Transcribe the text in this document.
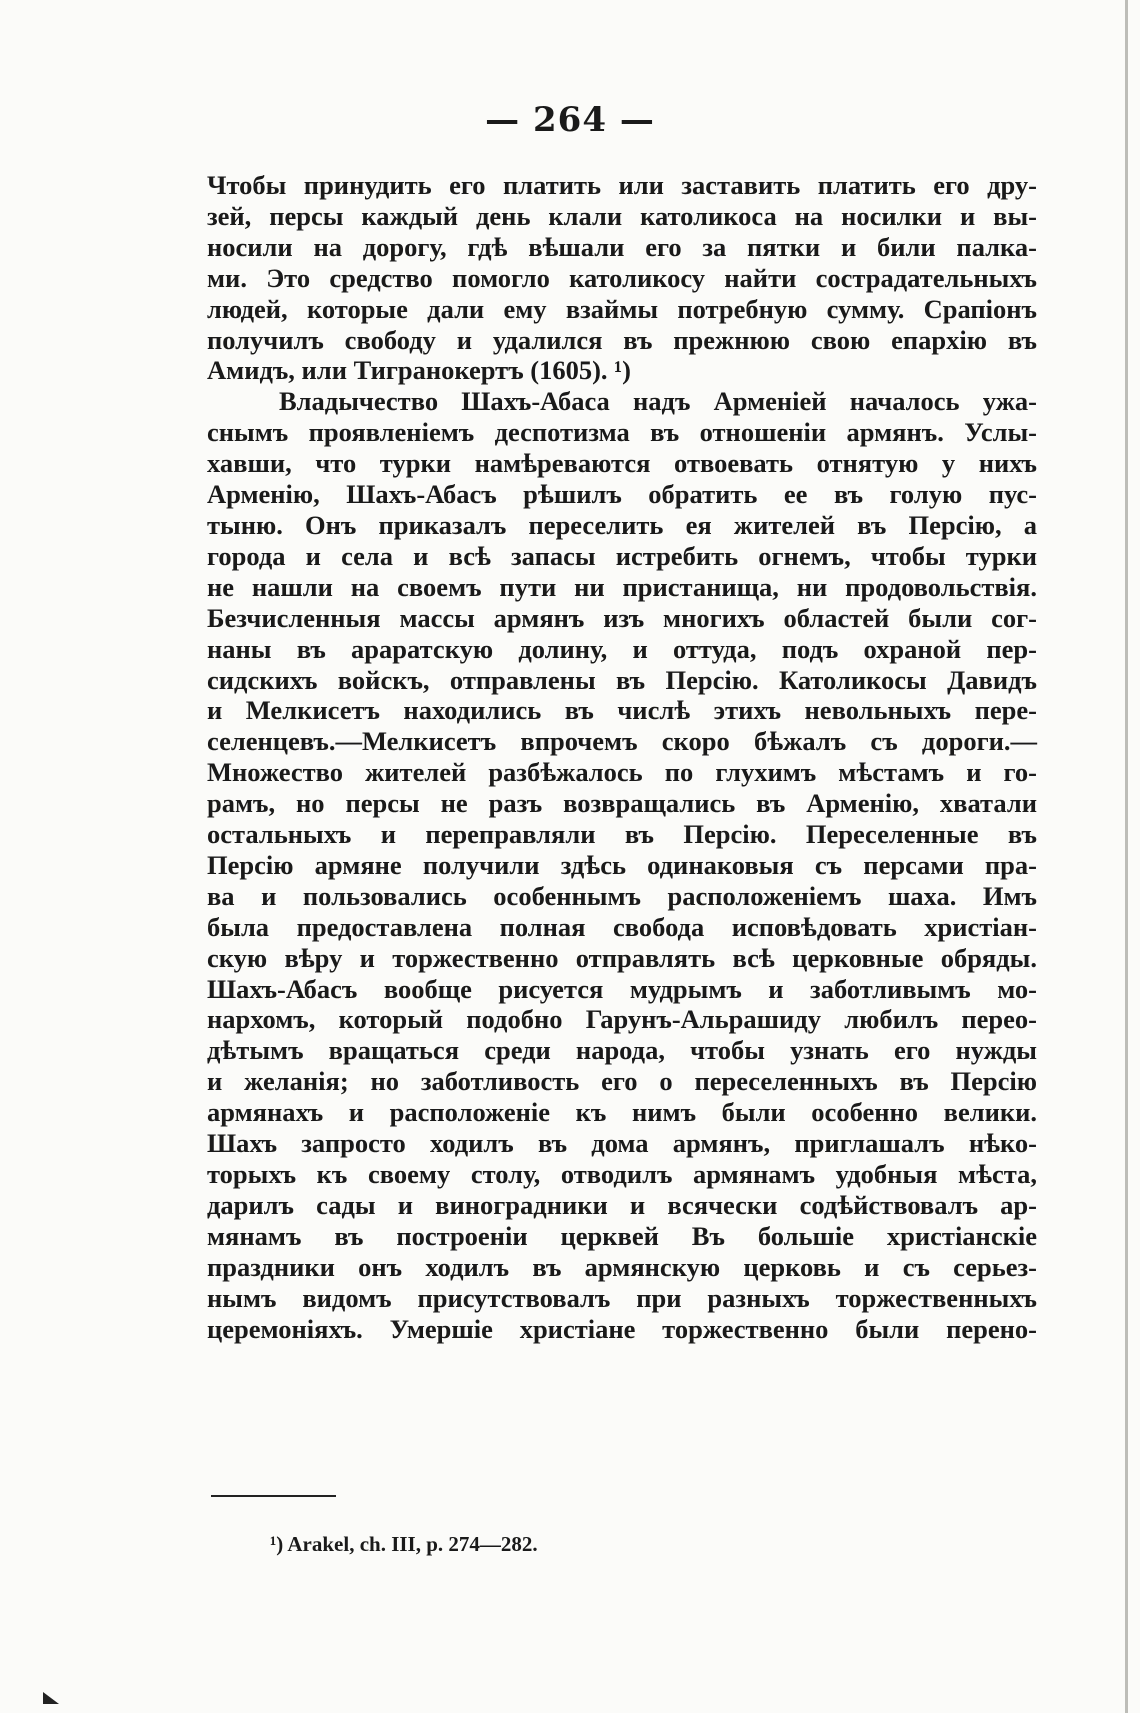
— 264 —
Чтобы принудить его платить или заставить платить его дру-
зей, персы каждый день клали католикоса на носилки и вы-
носили на дорогу, гдѣ вѣшали его за пятки и били палка-
ми. Это средство помогло католикосу найти сострадательныхъ
людей, которые дали ему взаймы потребную сумму. Срапіонъ
получилъ свободу и удалился въ прежнюю свою епархію въ
Амидъ, или Тигранокертъ (1605). ¹)
Владычество Шахъ-Абаса надъ Арменіей началось ужа-
снымъ проявленіемъ деспотизма въ отношеніи армянъ. Услы-
хавши, что турки намѣреваются отвоевать отнятую у нихъ
Арменію, Шахъ-Абасъ рѣшилъ обратить ее въ голую пус-
тыню. Онъ приказалъ переселить ея жителей въ Персію, а
города и села и всѣ запасы истребить огнемъ, чтобы турки
не нашли на своемъ пути ни пристанища, ни продовольствія.
Безчисленныя массы армянъ изъ многихъ областей были сог-
наны въ араратскую долину, и оттуда, подъ охраной пер-
сидскихъ войскъ, отправлены въ Персію. Католикосы Давидъ
и Мелкисетъ находились въ числѣ этихъ невольныхъ пере-
селенцевъ.—Мелкисетъ впрочемъ скоро бѣжалъ съ дороги.—
Множество жителей разбѣжалось по глухимъ мѣстамъ и го-
рамъ, но персы не разъ возвращались въ Арменію, хватали
остальныхъ и переправляли въ Персію. Переселенные въ
Персію армяне получили здѣсь одинаковыя съ персами пра-
ва и пользовались особеннымъ расположеніемъ шаха. Имъ
была предоставлена полная свобода исповѣдовать христіан-
скую вѣру и торжественно отправлять всѣ церковные обряды.
Шахъ-Абасъ вообще рисуется мудрымъ и заботливымъ мо-
нархомъ, который подобно Гарунъ-Альрашиду любилъ переo-
дѣтымъ вращаться среди народа, чтобы узнать его нужды
и желанія; но заботливость его о переселенныхъ въ Персію
армянахъ и расположеніе къ нимъ были особенно велики.
Шахъ запросто ходилъ въ дома армянъ, приглашалъ нѣко-
торыхъ къ своему столу, отводилъ армянамъ удобныя мѣста,
дарилъ сады и виноградники и всячески содѣйствовалъ ар-
мянамъ въ построеніи церквей Въ большіе христіанскіе
праздники онъ ходилъ въ армянскую церковь и съ серьез-
нымъ видомъ присутствовалъ при разныхъ торжественныхъ
церемоніяхъ. Умершіе христіане торжественно были перено-
¹) Arakel, ch. III, p. 274—282.
